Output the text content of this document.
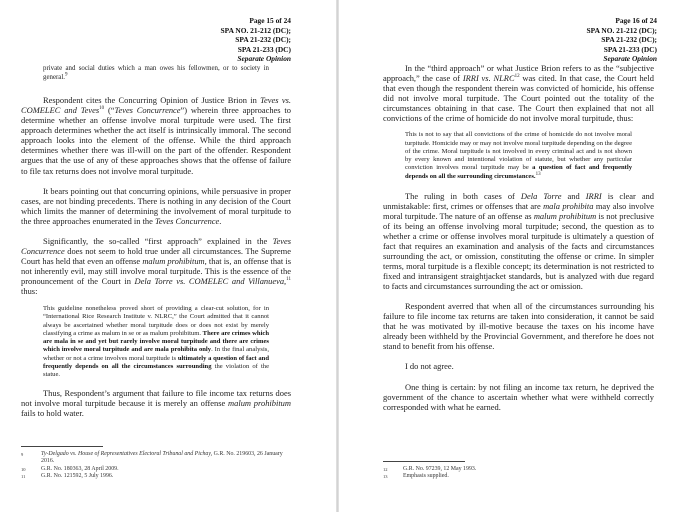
Page 15 of 24
SPA NO. 21-212 (DC);
SPA 21-232 (DC);
SPA 21-233 (DC)
Separate Opinion
private and social duties which a man owes his fellowmen, or to society in general.$^9$

Respondent cites the Concurring Opinion of Justice Brion in Teves vs. COMELEC and Teves$^{10}$ (“Teves Concurrence”) wherein three approaches to determine whether an offense involve moral turpitude were used. The first approach determines whether the act itself is intrinsically immoral. The second approach looks into the element of the offense. While the third approach determines whether there was ill-will on the part of the offender. Respondent argues that the use of any of these approaches shows that the offense of failure to file tax returns does not involve moral turpitude.

It bears pointing out that concurring opinions, while persuasive in proper cases, are not binding precedents. There is nothing in any decision of the Court which limits the manner of determining the involvement of moral turpitude to the three approaches enumerated in the Teves Concurrence.

Significantly, the so-called “first approach” explained in the Teves Concurrence does not seem to hold true under all circumstances. The Supreme Court has held that even an offense malum prohibitum, that is, an offense that is not inherently evil, may still involve moral turpitude. This is the essence of the pronouncement of the Court in Dela Torre vs. COMELEC and Villanueva,$^{11}$ thus:

This guideline nonetheless proved short of providing a clear-cut solution, for in “International Rice Research Institute v. NLRC,” the Court admitted that it cannot always be ascertained whether moral turpitude does or does not exist by merely classifying a crime as malum in se or as malum prohibitum. There are crimes which are mala in se and yet but rarely involve moral turpitude and there are crimes which involve moral turpitude and are mala prohibita only. In the final analysis, whether or not a crime involves moral turpitude is ultimately a question of fact and frequently depends on all the circumstances surrounding the violation of the statue.

Thus, Respondent’s argument that failure to file income tax returns does not involve moral turpitude because it is merely an offense malum prohibitum fails to hold water.

9	Ty-Delgado vs. House of Representatives Electoral Tribunal and Pichay, G.R. No. 219603, 26 January 2016.

10	G.R. No. 180363, 28 April 2009.

11	G.R. No. 121592, 5 July 1996.

Page 16 of 24
SPA NO. 21-212 (DC);
SPA 21-232 (DC);
SPA 21-233 (DC)
Separate Opinion

In the “third approach” or what Justice Brion refers to as the “subjective approach,” the case of IRRI vs. NLRC$^{12}$ was cited. In that case, the Court held that even though the respondent therein was convicted of homicide, his offense did not involve moral turpitude. The Court pointed out the totality of the circumstances obtaining in that case. The Court then explained that not all convictions of the crime of homicide do not involve moral turpitude, thus:

This is not to say that all convictions of the crime of homicide do not involve moral turpitude. Homicide may or may not involve moral turpitude depending on the degree of the crime. Moral turpitude is not involved in every criminal act and is not shown by every known and intentional violation of statute, but whether any particular conviction involves moral turpitude may be a question of fact and frequently depends on all the surrounding circumstances.$^{13}$

The ruling in both cases of Dela Torre and IRRI is clear and unmistakable: first, crimes or offenses that are mala prohibita may also involve moral turpitude. The nature of an offense as malum prohibitum is not preclusive of its being an offense involving moral turpitude; second, the question as to whether a crime or offense involves moral turpitude is ultimately a question of fact that requires an examination and analysis of the facts and circumstances surrounding the act, or omission, constituting the offense or crime. In simpler terms, moral turpitude is a flexible concept; its determination is not restricted to fixed and intransigent straightjacket standards, but is analyzed with due regard to facts and circumstances surrounding the act or omission.

Respondent averred that when all of the circumstances surrounding his failure to file income tax returns are taken into consideration, it cannot be said that he was motivated by ill-motive because the taxes on his income have already been withheld by the Provincial Government, and therefore he does not stand to benefit from his offense.

I do not agree.

One thing is certain: by not filing an income tax return, he deprived the government of the chance to ascertain whether what were withheld correctly corresponded with what he earned.

12	G.R. No. 97239, 12 May 1993.

13	Emphasis supplied.
